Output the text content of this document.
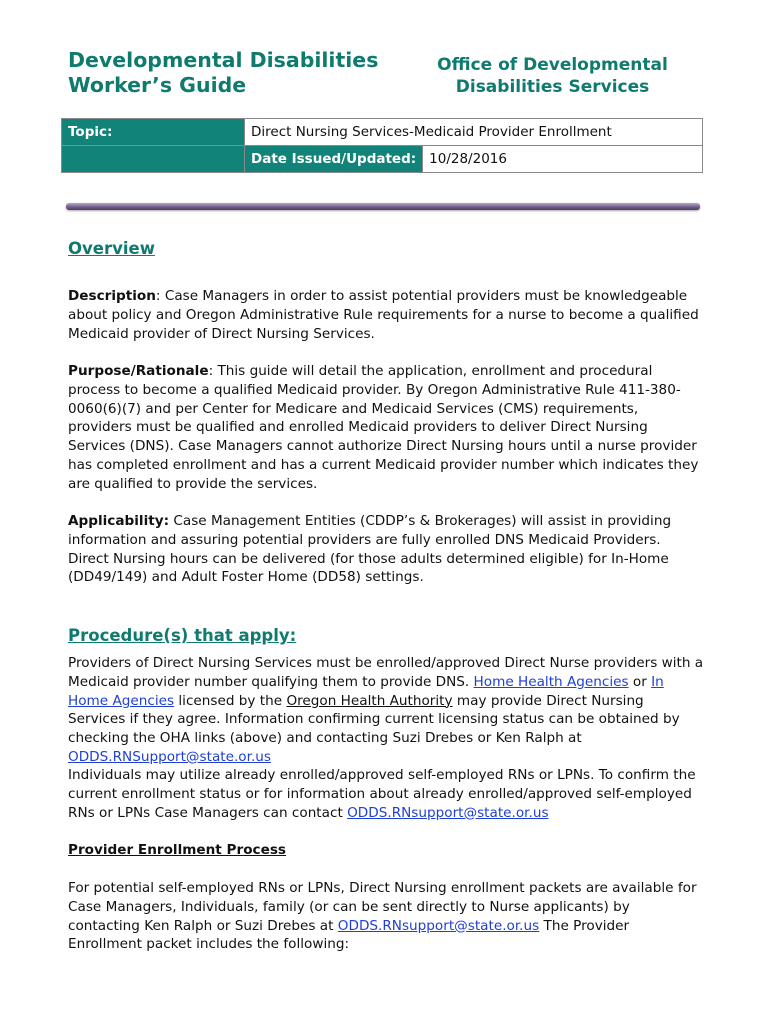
Developmental Disabilities
Worker’s Guide
Office of Developmental
Disabilities Services
Topic:	Direct Nursing Services-Medicaid Provider Enrollment

Date Issued/Updated: 10/28/2016
Overview

Description: Case Managers in order to assist potential providers must be knowledgeable about policy and Oregon Administrative Rule requirements for a nurse to become a qualified Medicaid provider of Direct Nursing Services.

Purpose/Rationale: This guide will detail the application, enrollment and procedural process to become a qualified Medicaid provider. By Oregon Administrative Rule 411-380-0060(6)(7) and per Center for Medicare and Medicaid Services (CMS) requirements, providers must be qualified and enrolled Medicaid providers to deliver Direct Nursing Services (DNS). Case Managers cannot authorize Direct Nursing hours until a nurse provider has completed enrollment and has a current Medicaid provider number which indicates they are qualified to provide the services.

Applicability: Case Management Entities (CDDP’s & Brokerages) will assist in providing information and assuring potential providers are fully enrolled DNS Medicaid Providers. Direct Nursing hours can be delivered (for those adults determined eligible) for In-Home (DD49/149) and Adult Foster Home (DD58) settings.

Procedure(s) that apply:

Providers of Direct Nursing Services must be enrolled/approved Direct Nurse providers with a Medicaid provider number qualifying them to provide DNS. Home Health Agencies or In Home Agencies licensed by the Oregon Health Authority may provide Direct Nursing Services if they agree. Information confirming current licensing status can be obtained by checking the OHA links (above) and contacting Suzi Drebes or Ken Ralph at ODDS.RNSupport@state.or.us

Individuals may utilize already enrolled/approved self-employed RNs or LPNs. To confirm the current enrollment status or for information about already enrolled/approved self-employed RNs or LPNs Case Managers can contact ODDS.RNsupport@state.or.us

Provider Enrollment Process

For potential self-employed RNs or LPNs, Direct Nursing enrollment packets are available for Case Managers, Individuals, family (or can be sent directly to Nurse applicants) by contacting Ken Ralph or Suzi Drebes at ODDS.RNsupport@state.or.us The Provider Enrollment packet includes the following:
